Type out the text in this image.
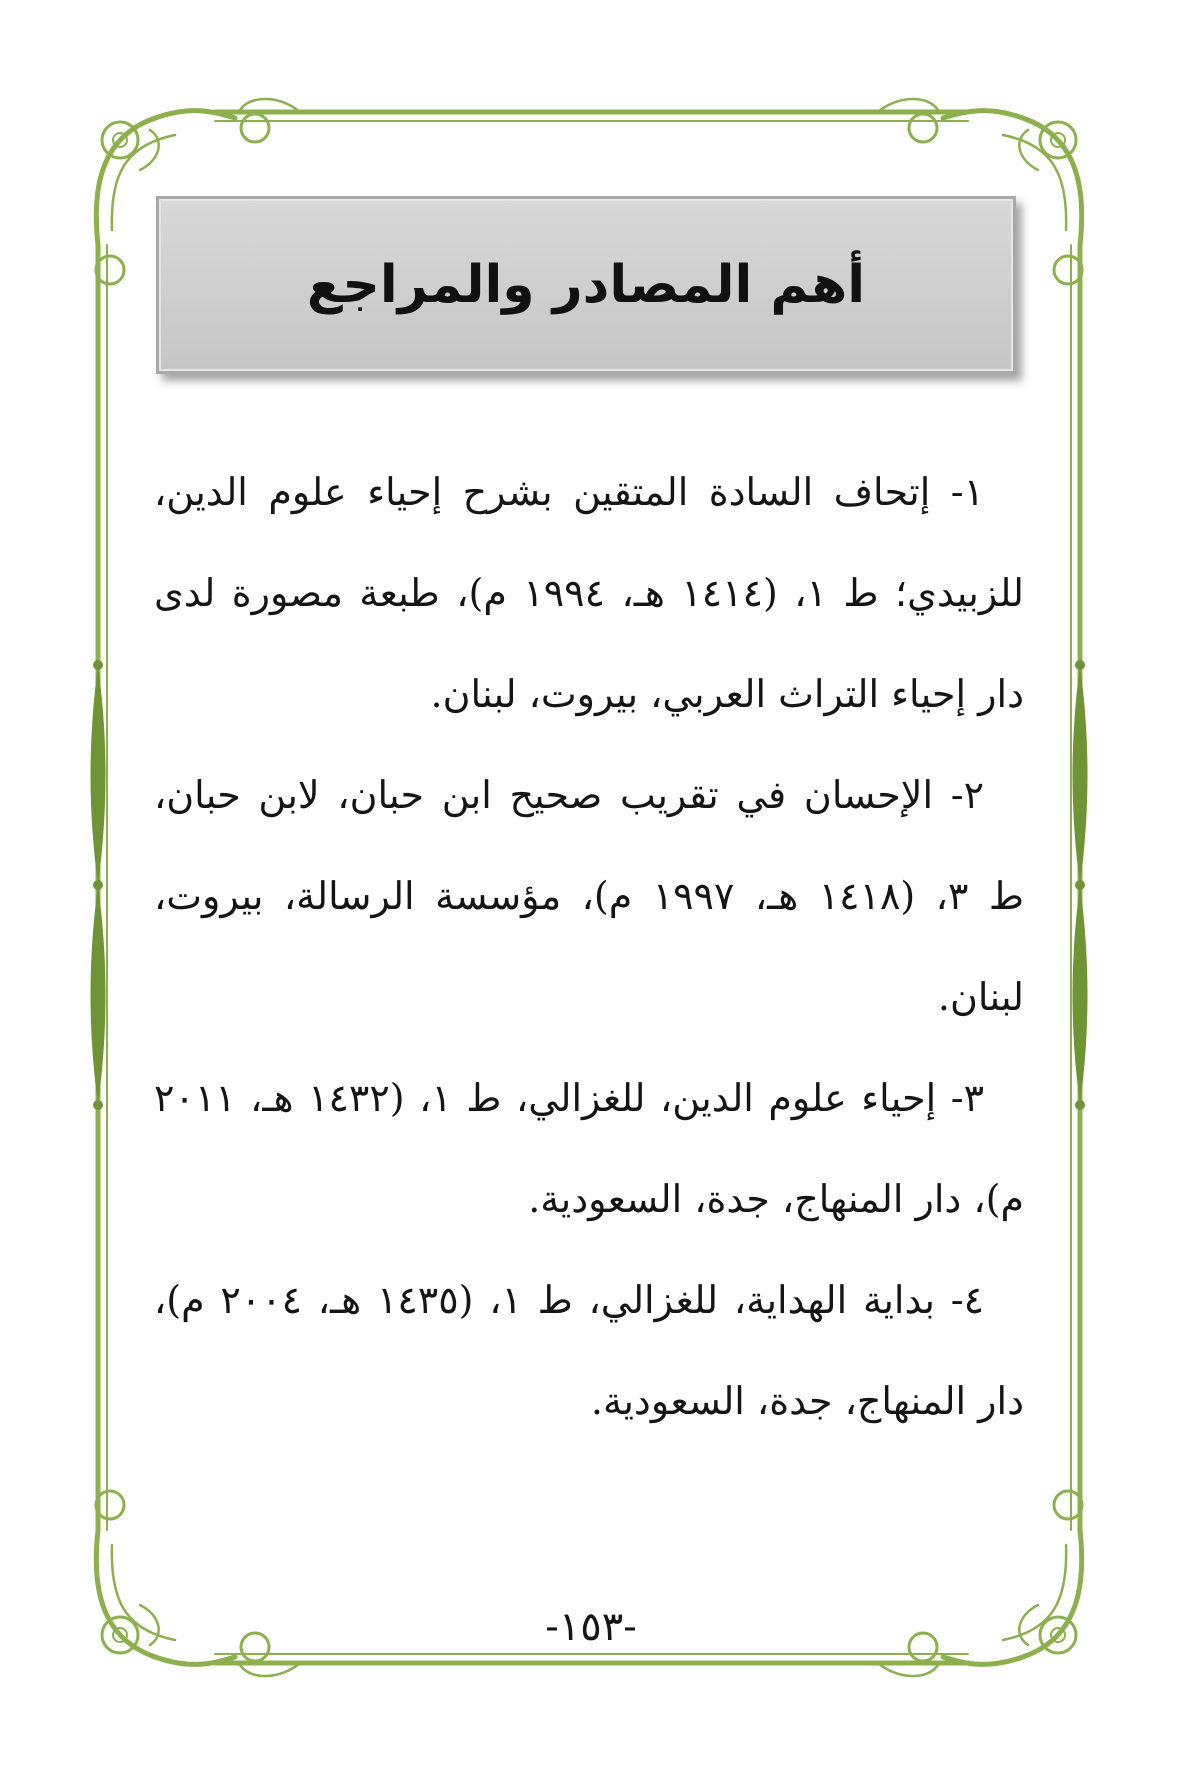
أهم المصادر والمراجع

١- إتحاف السادة المتقين بشرح إحياء علوم الدين، للزبيدي؛ ط ١، (١٤١٤ هـ، ١٩٩٤ م)، طبعة مصورة لدى دار إحياء التراث العربي، بيروت، لبنان.

٢- الإحسان في تقريب صحيح ابن حبان، لابن حبان، ط ٣، (١٤١٨ هـ، ١٩٩٧ م)، مؤسسة الرسالة، بيروت، لبنان.

٣- إحياء علوم الدين، للغزالي، ط ١، (١٤٣٢ هـ، ٢٠١١ م)، دار المنهاج، جدة، السعودية.

٤- بداية الهداية، للغزالي، ط ١، (١٤٣٥ هـ، ٢٠٠٤ م)، دار المنهاج، جدة، السعودية.

-١٥٣-
